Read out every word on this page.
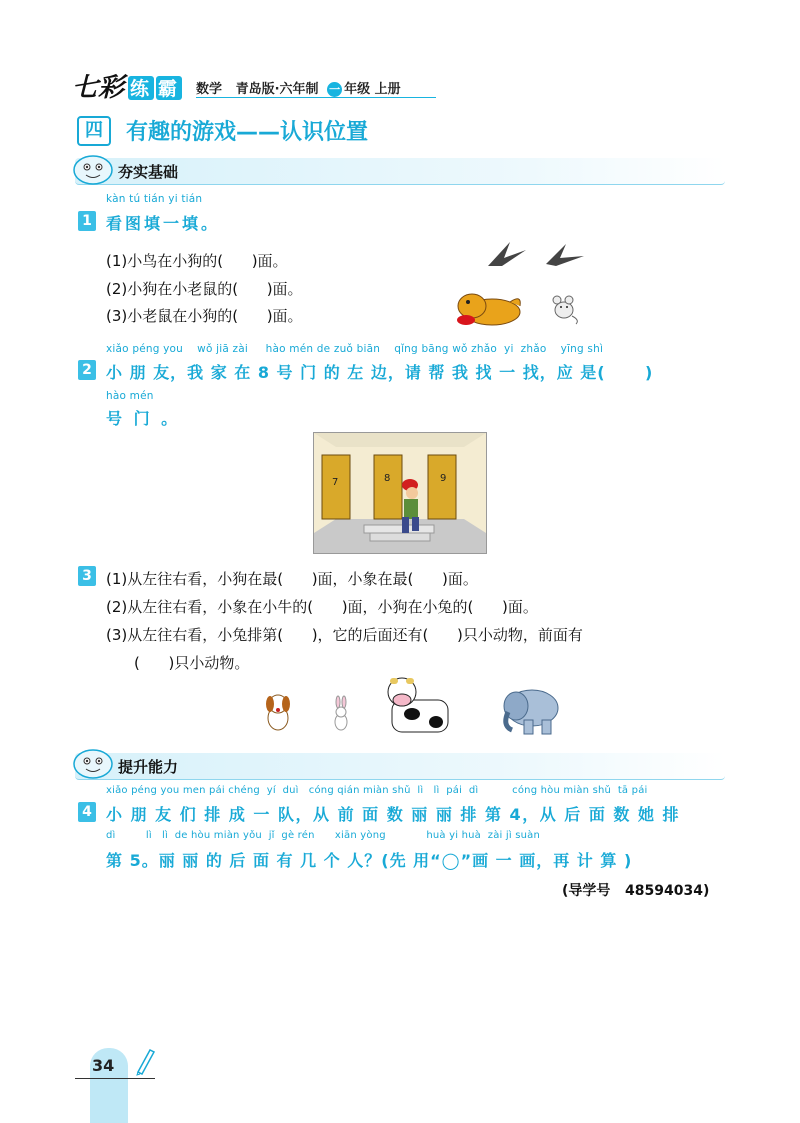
七彩 练 霸 数学 青岛版·六年制 一 年级 上册
四	有趣的游戏——认识位置
夯实基础
kàn tú tián yi tián
1 看图填一填。
(1)小鸟在小狗的(      )面。
(2)小狗在小老鼠的(      )面。
(3)小老鼠在小狗的(      )面。
xiǎo péng you    wǒ jiā zài     hào mén de zuǒ biān    qǐng bāng wǒ zhǎo  yi  zhǎo    yīng shì
2 小 朋 友，我 家 在 8 号 门 的 左 边，请 帮 我 找 一 找，应 是(      )
hào mén
号 门 。
7	8	9
3 (1)从左往右看，小狗在最(      )面，小象在最(      )面。
(2)从左往右看，小象在小牛的(      )面，小狗在小兔的(      )面。
(3)从左往右看，小兔排第(      )，它的后面还有(      )只小动物，前面有
(      )只小动物。
提升能力
xiǎo péng you men pái chéng  yí  duì   cóng qián miàn shǔ  lì   lì  pái  dì          cóng hòu miàn shǔ  tā pái
4 小 朋 友 们 排 成 一 队，从 前 面 数 丽 丽 排 第 4，从 后 面 数 她 排
dì         lì   lì  de hòu miàn yǒu  jǐ  gè rén      xiān yòng            huà yi huà  zài jì suàn
第 5。丽 丽 的 后 面 有 几 个 人？(先 用“◯”画 一 画，再 计 算 )
(导学号   48594034)
34
